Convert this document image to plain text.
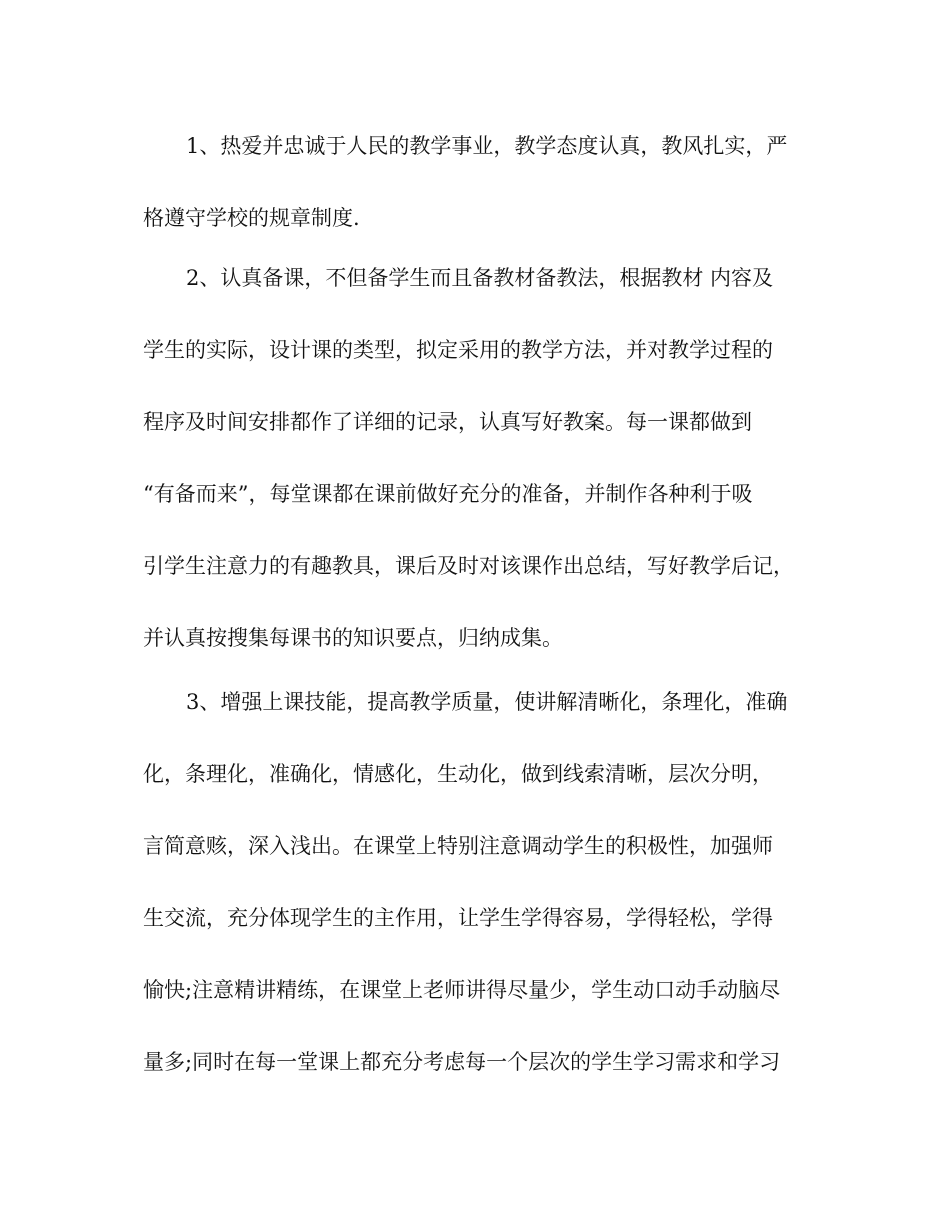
1、热爱并忠诚于人民的教学事业，教学态度认真，教风扎实，严
格遵守学校的规章制度.
2、认真备课，不但备学生而且备教材备教法，根据教材 内容及
学生的实际，设计课的类型，拟定采用的教学方法，并对教学过程的
程序及时间安排都作了详细的记录，认真写好教案。每一课都做到
“有备而来”，每堂课都在课前做好充分的准备，并制作各种利于吸
引学生注意力的有趣教具，课后及时对该课作出总结，写好教学后记，
并认真按搜集每课书的知识要点，归纳成集。
3、增强上课技能，提高教学质量，使讲解清晰化，条理化，准确
化，条理化，准确化，情感化，生动化，做到线索清晰，层次分明，
言简意赅，深入浅出。在课堂上特别注意调动学生的积极性，加强师
生交流，充分体现学生的主作用，让学生学得容易，学得轻松，学得
愉快;注意精讲精练，在课堂上老师讲得尽量少，学生动口动手动脑尽
量多;同时在每一堂课上都充分考虑每一个层次的学生学习需求和学习
